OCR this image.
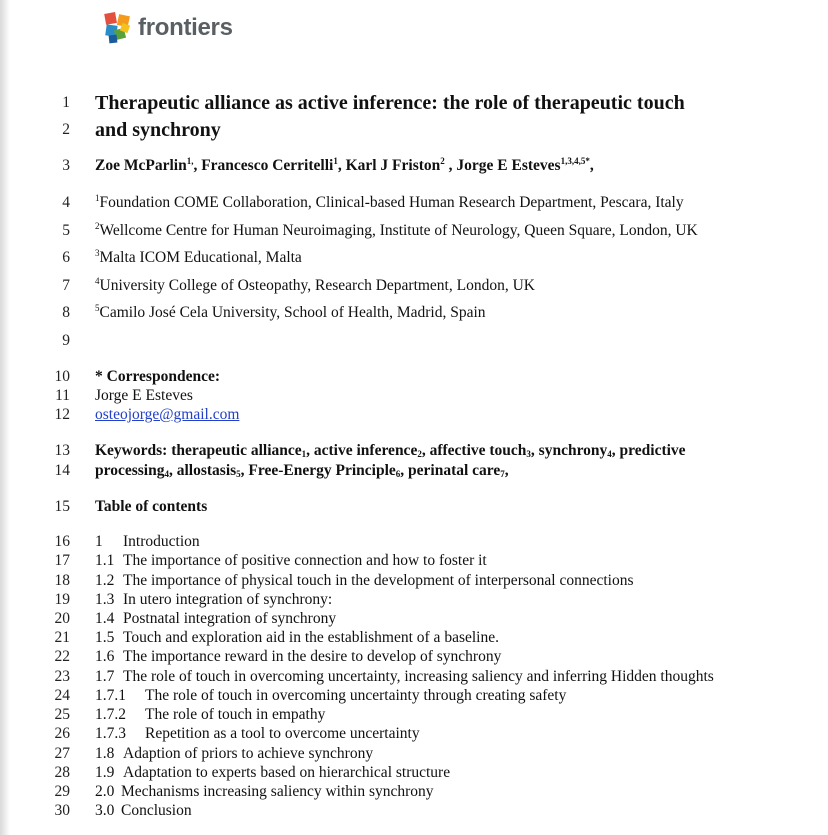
frontiers
1
2
3
4
5
6
7
8
9
10
11
12
13
14
15
16
17
18
19
20
21
22
23
24
25
26
27
28
29
30
Therapeutic alliance as active inference: the role of therapeutic touch
and synchrony
Zoe McParlin$^{1,}$, Francesco Cerritelli$^1$, Karl J Friston$^2$ , Jorge E Esteves$^{1,3,4,5*}$,
$^1$Foundation COME Collaboration, Clinical-based Human Research Department, Pescara, Italy
$^2$Wellcome Centre for Human Neuroimaging, Institute of Neurology, Queen Square, London, UK
$^3$Malta ICOM Educational, Malta
$^4$University College of Osteopathy, Research Department, London, UK
$^5$Camilo José Cela University, School of Health, Madrid, Spain
* Correspondence:
Jorge E Esteves
osteojorge@gmail.com
Keywords: therapeutic alliance$_1$, active inference$_2$, affective touch$_3$, synchrony$_4$, predictive
processing$_4$, allostasis$_5$, Free-Energy Principle$_6$, perinatal care$_7$,
Table of contents
1 Introduction
1.1 The importance of positive connection and how to foster it
1.2 The importance of physical touch in the development of interpersonal connections
1.3 In utero integration of synchrony:
1.4 Postnatal integration of synchrony
1.5 Touch and exploration aid in the establishment of a baseline.
1.6 The importance reward in the desire to develop of synchrony
1.7 The role of touch in overcoming uncertainty, increasing saliency and inferring Hidden thoughts
1.7.1 The role of touch in overcoming uncertainty through creating safety
1.7.2 The role of touch in empathy
1.7.3 Repetition as a tool to overcome uncertainty
1.8 Adaption of priors to achieve synchrony
1.9 Adaptation to experts based on hierarchical structure
2.0 Mechanisms increasing saliency within synchrony
3.0 Conclusion
